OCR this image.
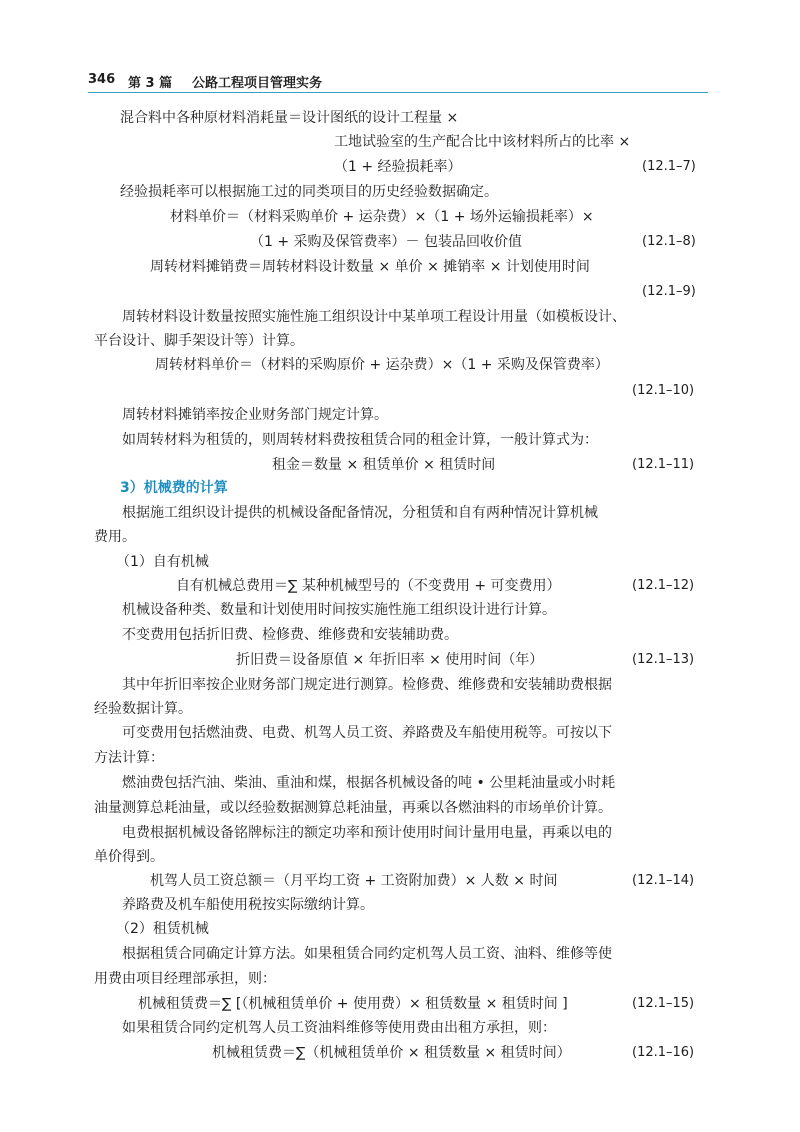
346 第 3 篇 公路工程项目管理实务
混合料中各种原材料消耗量＝设计图纸的设计工程量 ×
工地试验室的生产配合比中该材料所占的比率 ×
（1 + 经验损耗率）	(12.1–7)
经验损耗率可以根据施工过的同类项目的历史经验数据确定。
材料单价＝（材料采购单价 + 运杂费）×（1 + 场外运输损耗率）×
（1 + 采购及保管费率）－ 包装品回收价值	(12.1–8)
周转材料摊销费＝周转材料设计数量 × 单价 × 摊销率 × 计划使用时间
(12.1–9)
周转材料设计数量按照实施性施工组织设计中某单项工程设计用量（如模板设计、
平台设计、脚手架设计等）计算。
周转材料单价＝（材料的采购原价 + 运杂费）×（1 + 采购及保管费率）
(12.1–10)
周转材料摊销率按企业财务部门规定计算。
如周转材料为租赁的，则周转材料费按租赁合同的租金计算，一般计算式为：
租金＝数量 × 租赁单价 × 租赁时间	(12.1–11)
3）机械费的计算
根据施工组织设计提供的机械设备配备情况，分租赁和自有两种情况计算机械
费用。
（1）自有机械
自有机械总费用＝∑ 某种机械型号的（不变费用 + 可变费用）	(12.1–12)
机械设备种类、数量和计划使用时间按实施性施工组织设计进行计算。
不变费用包括折旧费、检修费、维修费和安装辅助费。
折旧费＝设备原值 × 年折旧率 × 使用时间（年）	(12.1–13)
其中年折旧率按企业财务部门规定进行测算。检修费、维修费和安装辅助费根据
经验数据计算。
可变费用包括燃油费、电费、机驾人员工资、养路费及车船使用税等。可按以下
方法计算：
燃油费包括汽油、柴油、重油和煤，根据各机械设备的吨 • 公里耗油量或小时耗
油量测算总耗油量，或以经验数据测算总耗油量，再乘以各燃油料的市场单价计算。
电费根据机械设备铭牌标注的额定功率和预计使用时间计量用电量，再乘以电的
单价得到。
机驾人员工资总额＝（月平均工资 + 工资附加费）× 人数 × 时间	(12.1–14)
养路费及机车船使用税按实际缴纳计算。
（2）租赁机械
根据租赁合同确定计算方法。如果租赁合同约定机驾人员工资、油料、维修等使
用费由项目经理部承担，则：
机械租赁费＝∑ [（机械租赁单价 + 使用费）× 租赁数量 × 租赁时间 ]	(12.1–15)
如果租赁合同约定机驾人员工资油料维修等使用费由出租方承担，则：
机械租赁费＝∑（机械租赁单价 × 租赁数量 × 租赁时间）	(12.1–16)
